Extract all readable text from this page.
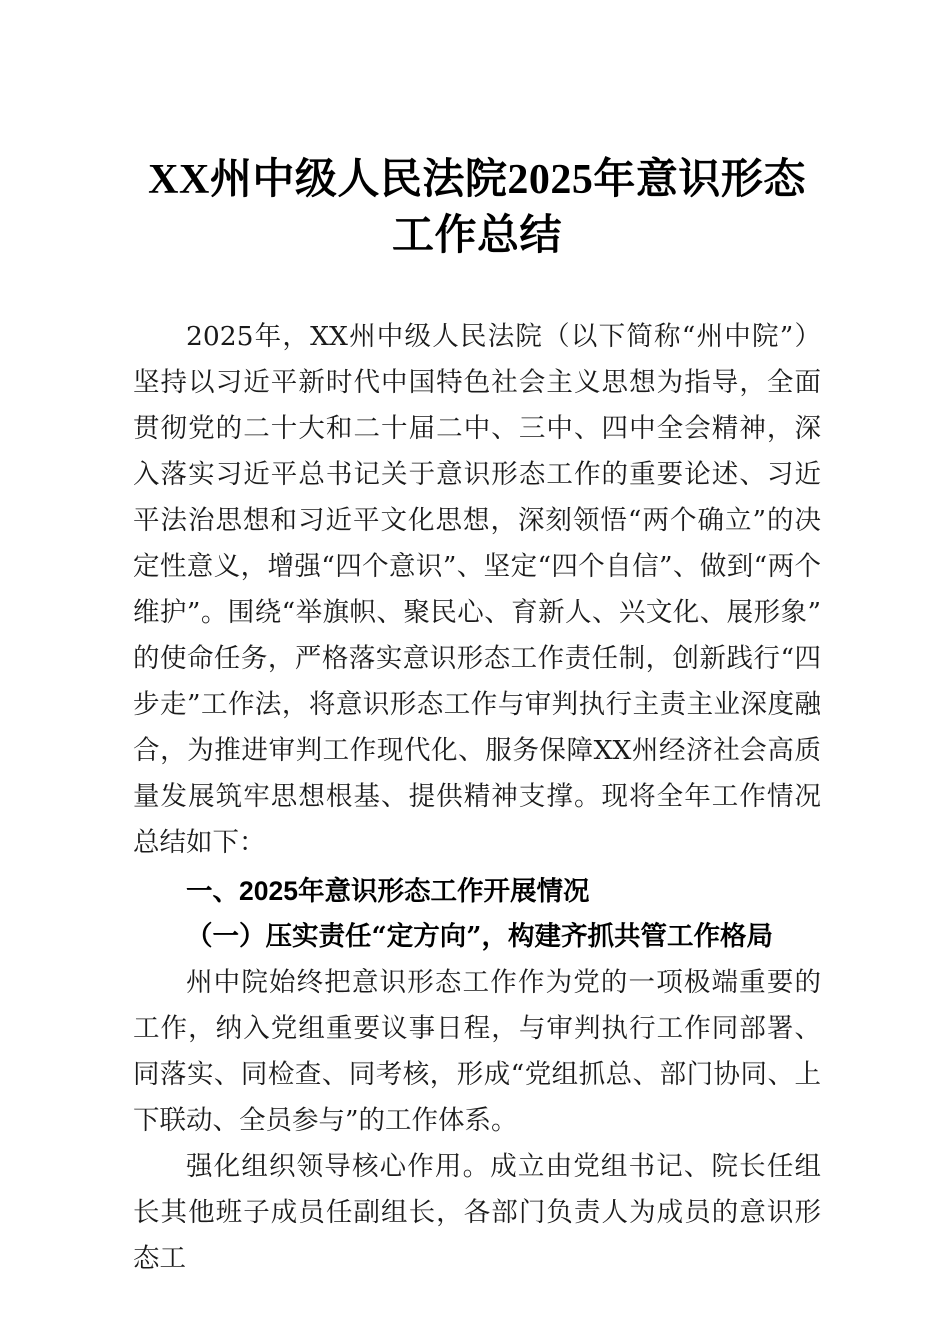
XX州中级人民法院2025年意识形态工作总结

2025年，XX州中级人民法院（以下简称“州中院”）坚持以习近平新时代中国特色社会主义思想为指导，全面贯彻党的二十大和二十届二中、三中、四中全会精神，深入落实习近平总书记关于意识形态工作的重要论述、习近平法治思想和习近平文化思想，深刻领悟“两个确立”的决定性意义，增强“四个意识”、坚定“四个自信”、做到“两个维护”。围绕“举旗帜、聚民心、育新人、兴文化、展形象”的使命任务，严格落实意识形态工作责任制，创新践行“四步走”工作法，将意识形态工作与审判执行主责主业深度融合，为推进审判工作现代化、服务保障XX州经济社会高质量发展筑牢思想根基、提供精神支撑。现将全年工作情况总结如下：

一、2025年意识形态工作开展情况
（一）压实责任“定方向”，构建齐抓共管工作格局

州中院始终把意识形态工作作为党的一项极端重要的工作，纳入党组重要议事日程，与审判执行工作同部署、同落实、同检查、同考核，形成“党组抓总、部门协同、上下联动、全员参与”的工作体系。

强化组织领导核心作用。成立由党组书记、院长任组长其他班子成员任副组长，各部门负责人为成员的意识形态工
